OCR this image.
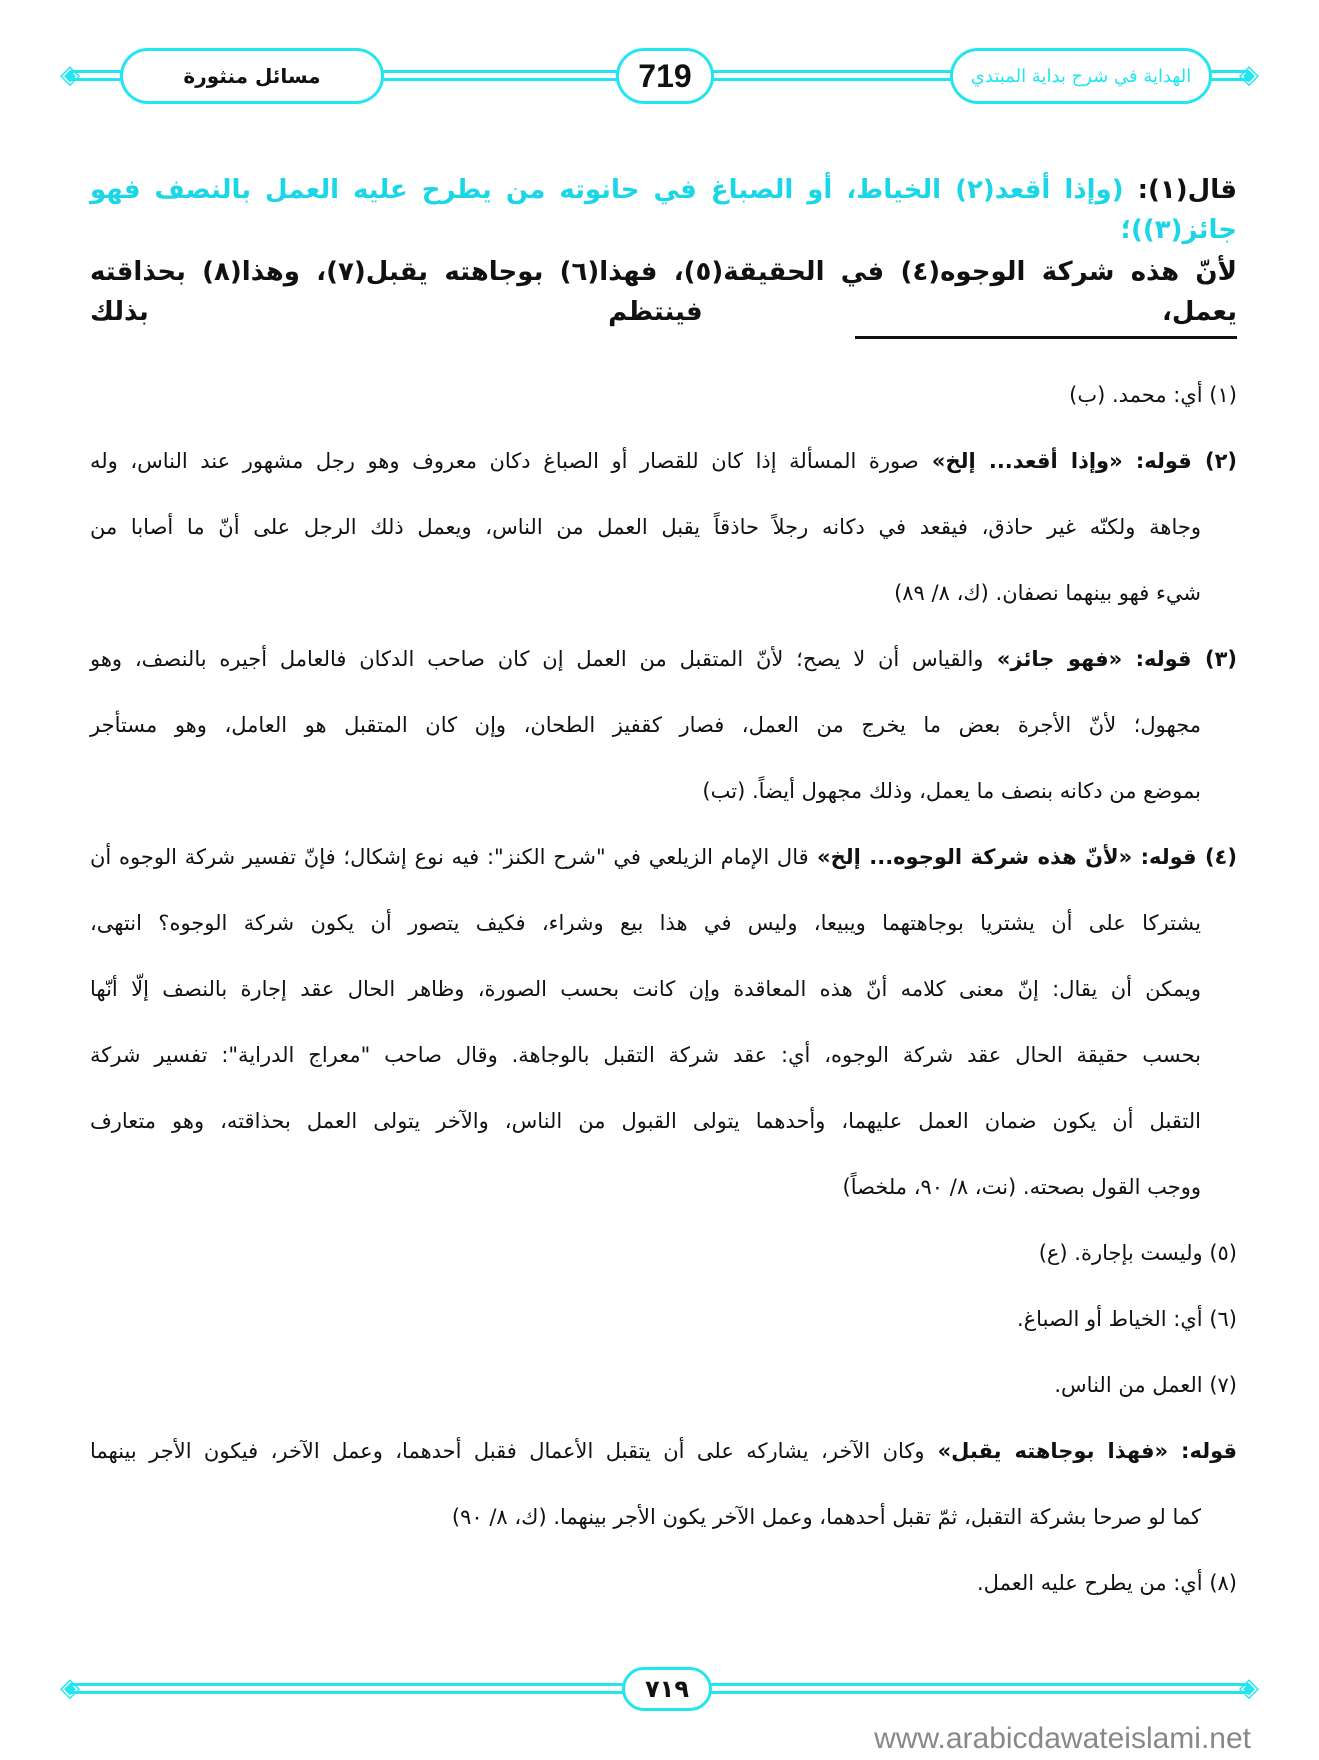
◈	◈
مسائل منثورة	719	الهداية في شرح بداية المبتدي
قال(١): (وإذا أقعد(٢) الخياط، أو الصباغ في حانوته من يطرح عليه العمل بالنصف فهو جائز(٣))؛
لأنّ هذه شركة الوجوه(٤) في الحقيقة(٥)، فهذا(٦) بوجاهته يقبل(٧)، وهذا(٨) بحذاقته يعمل، فينتظم بذلك
(١) أي: محمد. (ب)
(٢) قوله: «وإذا أقعد... إلخ» صورة المسألة إذا كان للقصار أو الصباغ دكان معروف وهو رجل مشهور عند الناس، وله
وجاهة ولكنّه غير حاذق، فيقعد في دكانه رجلاً حاذقاً يقبل العمل من الناس، ويعمل ذلك الرجل على أنّ ما أصابا من
شيء فهو بينهما نصفان. (ك، ٨/ ٨٩)
(٣) قوله: «فهو جائز» والقياس أن لا يصح؛ لأنّ المتقبل من العمل إن كان صاحب الدكان فالعامل أجيره بالنصف، وهو
مجهول؛ لأنّ الأجرة بعض ما يخرج من العمل، فصار كقفيز الطحان، وإن كان المتقبل هو العامل، وهو مستأجر
بموضع من دكانه بنصف ما يعمل، وذلك مجهول أيضاً. (تب)
(٤) قوله: «لأنّ هذه شركة الوجوه... إلخ» قال الإمام الزيلعي في "شرح الكنز": فيه نوع إشكال؛ فإنّ تفسير شركة الوجوه أن
يشتركا على أن يشتريا بوجاهتهما ويبيعا، وليس في هذا بيع وشراء، فكيف يتصور أن يكون شركة الوجوه؟ انتهى،
ويمكن أن يقال: إنّ معنى كلامه أنّ هذه المعاقدة وإن كانت بحسب الصورة، وظاهر الحال عقد إجارة بالنصف إلّا أنّها
بحسب حقيقة الحال عقد شركة الوجوه، أي: عقد شركة التقبل بالوجاهة. وقال صاحب "معراج الدراية": تفسير شركة
التقبل أن يكون ضمان العمل عليهما، وأحدهما يتولى القبول من الناس، والآخر يتولى العمل بحذاقته، وهو متعارف
ووجب القول بصحته. (نت، ٨/ ٩٠، ملخصاً)
(٥) وليست بإجارة. (ع)
(٦) أي: الخياط أو الصباغ.
(٧) العمل من الناس.
قوله: «فهذا بوجاهته يقبل» وكان الآخر، يشاركه على أن يتقبل الأعمال فقبل أحدهما، وعمل الآخر، فيكون الأجر بينهما
كما لو صرحا بشركة التقبل، ثمّ تقبل أحدهما، وعمل الآخر يكون الأجر بينهما. (ك، ٨/ ٩٠)
(٨) أي: من يطرح عليه العمل.
◈	◈
٧١٩
www.arabicdawateislami.net
